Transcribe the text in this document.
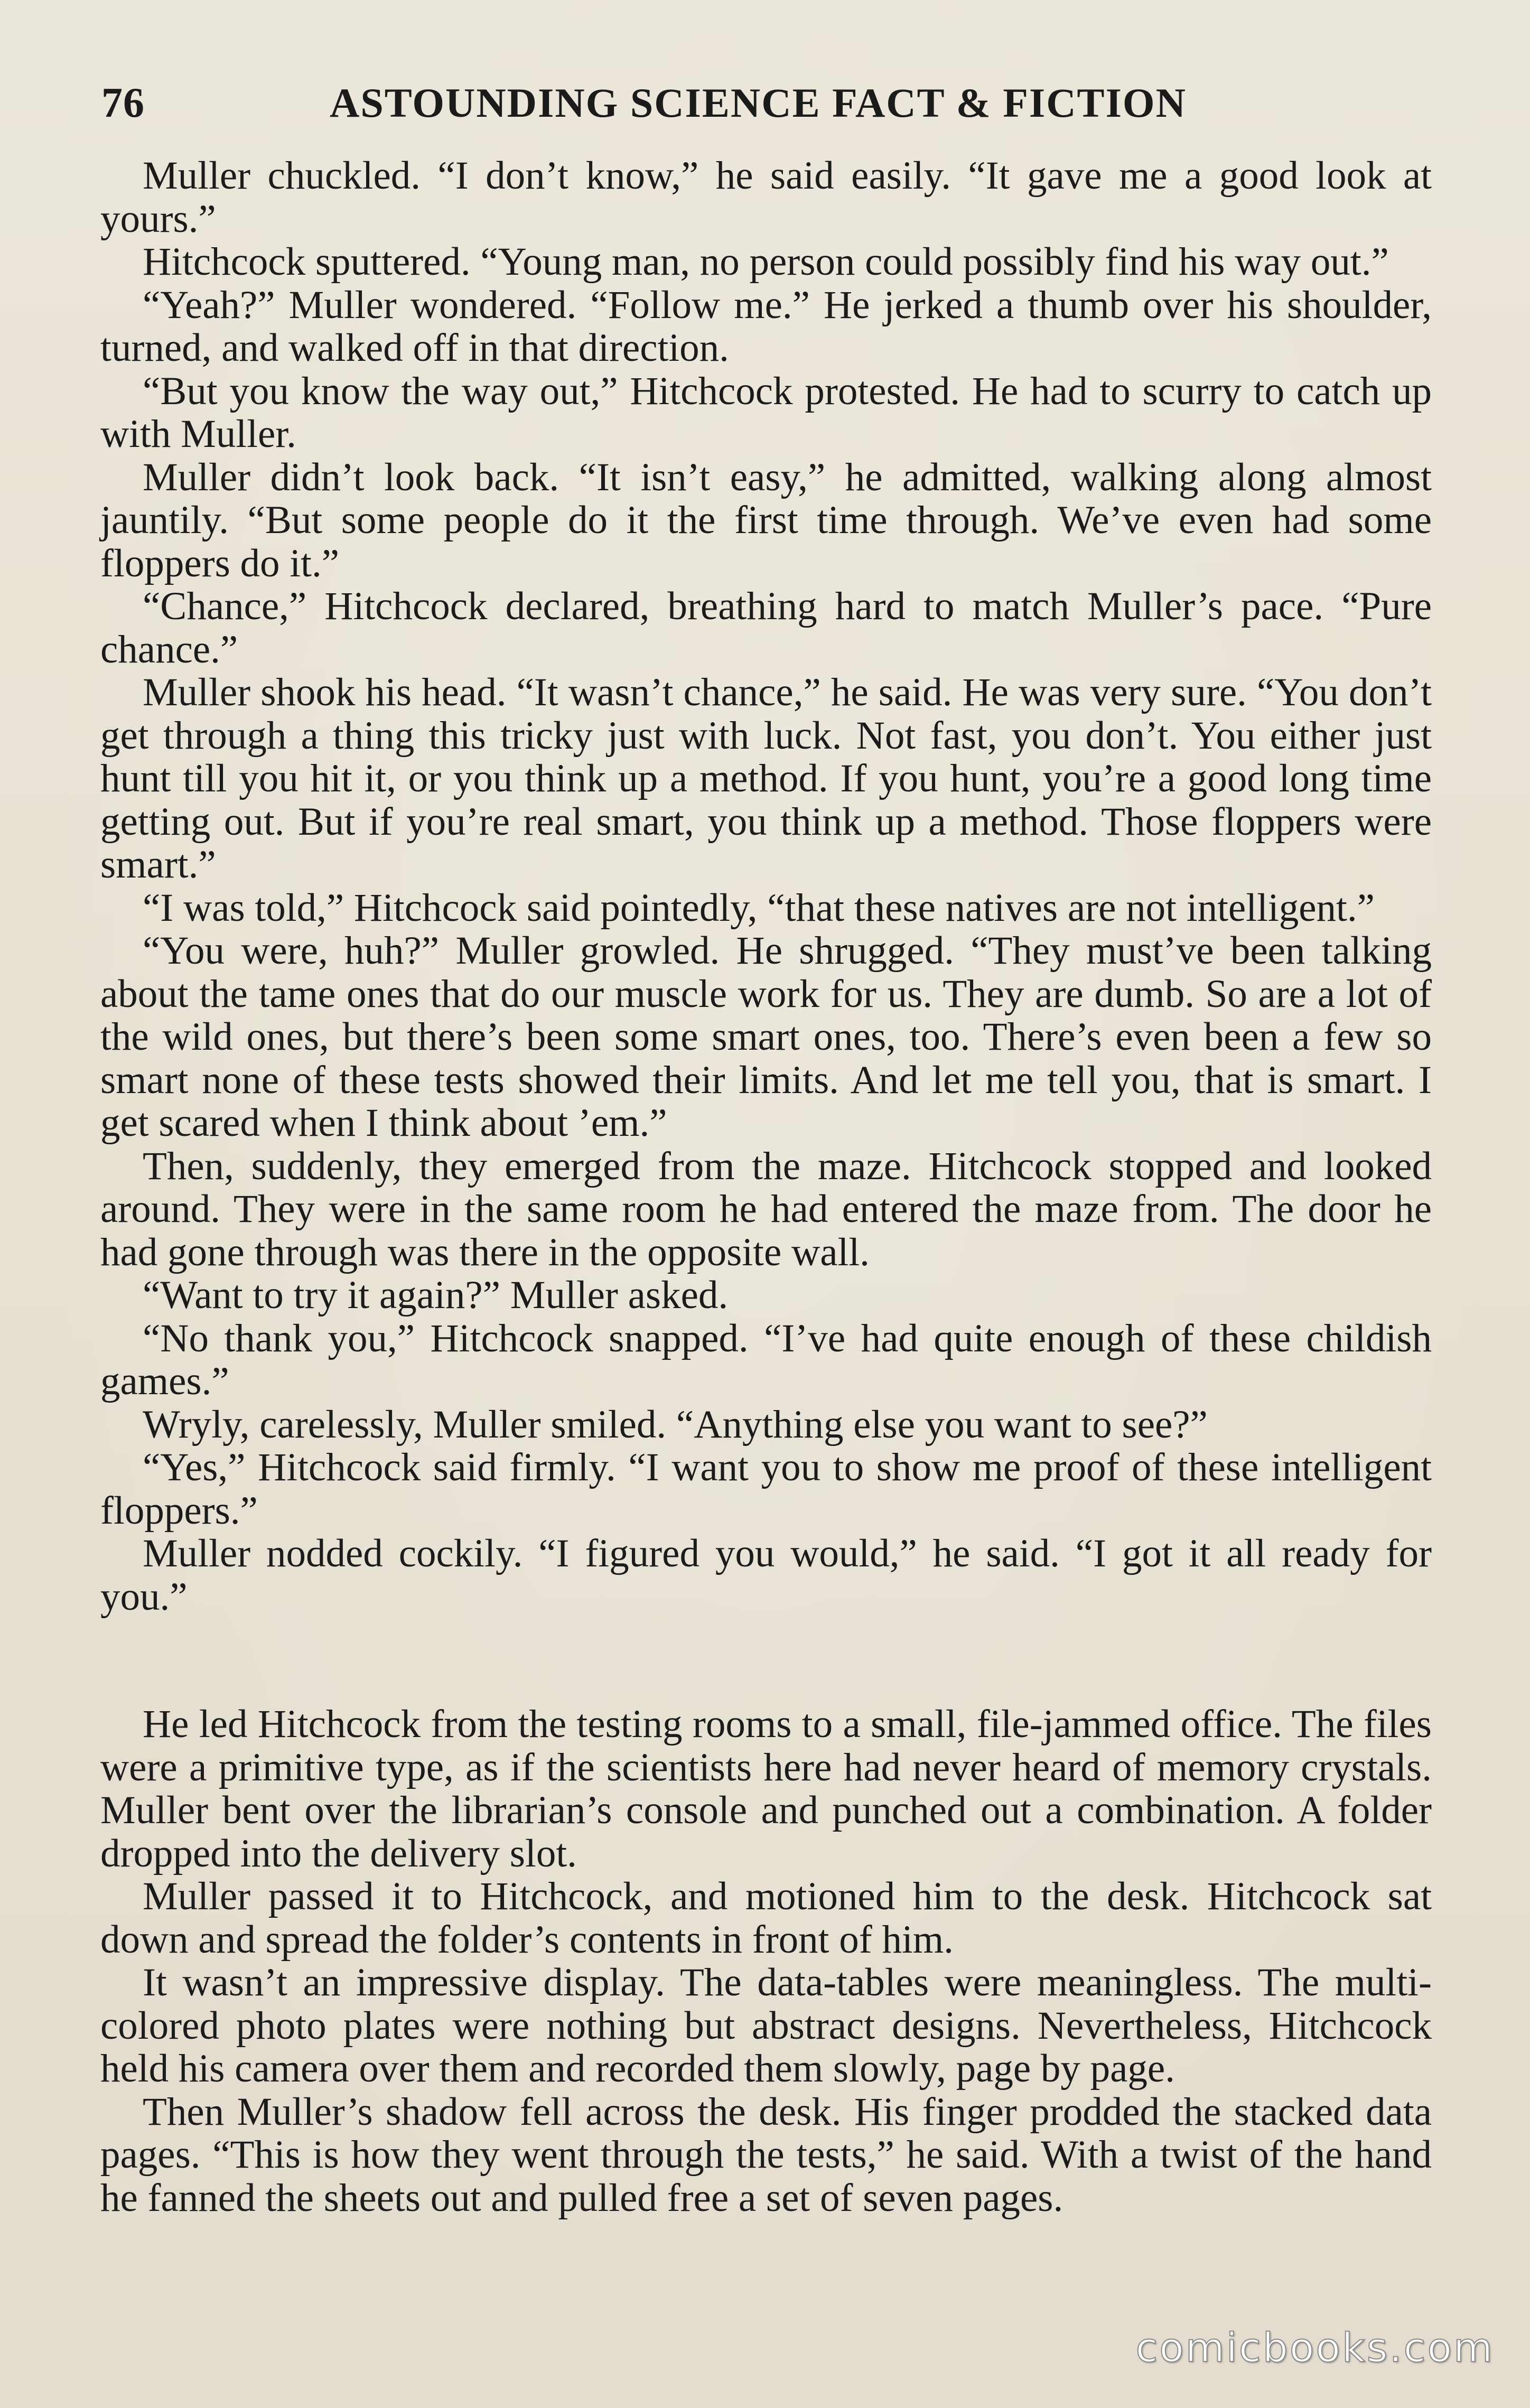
76	ASTOUNDING SCIENCE FACT & FICTION

Muller chuckled. “I don’t know,” he said easily. “It gave me a good look at yours.”

Hitchcock sputtered. “Young man, no person could possibly find his way out.”

“Yeah?” Muller wondered. “Follow me.” He jerked a thumb over his shoulder, turned, and walked off in that direction.

“But you know the way out,” Hitchcock protested. He had to scurry to catch up with Muller.

Muller didn’t look back. “It isn’t easy,” he admitted, walking along almost jauntily. “But some people do it the first time through. We’ve even had some floppers do it.”

“Chance,” Hitchcock declared, breathing hard to match Muller’s pace. “Pure chance.”

Muller shook his head. “It wasn’t chance,” he said. He was very sure. “You don’t get through a thing this tricky just with luck. Not fast, you don’t. You either just hunt till you hit it, or you think up a method. If you hunt, you’re a good long time getting out. But if you’re real smart, you think up a method. Those floppers were smart.”

“I was told,” Hitchcock said pointedly, “that these natives are not intelligent.”

“You were, huh?” Muller growled. He shrugged. “They must’ve been talking about the tame ones that do our muscle work for us. They are dumb. So are a lot of the wild ones, but there’s been some smart ones, too. There’s even been a few so smart none of these tests showed their limits. And let me tell you, that is smart. I get scared when I think about ’em.”

Then, suddenly, they emerged from the maze. Hitchcock stopped and looked around. They were in the same room he had entered the maze from. The door he had gone through was there in the opposite wall.

“Want to try it again?” Muller asked.

“No thank you,” Hitchcock snapped. “I’ve had quite enough of these childish games.”

Wryly, carelessly, Muller smiled. “Anything else you want to see?”

“Yes,” Hitchcock said firmly. “I want you to show me proof of these intelligent floppers.”

Muller nodded cockily. “I figured you would,” he said. “I got it all ready for you.”

He led Hitchcock from the testing rooms to a small, file-jammed office. The files were a primitive type, as if the scientists here had never heard of memory crystals. Muller bent over the librarian’s console and punched out a combination. A folder dropped into the delivery slot.

Muller passed it to Hitchcock, and motioned him to the desk. Hitchcock sat down and spread the folder’s contents in front of him.

It wasn’t an impressive display. The data-tables were meaningless. The multi-colored photo plates were nothing but abstract designs. Nevertheless, Hitchcock held his camera over them and recorded them slowly, page by page.

Then Muller’s shadow fell across the desk. His finger prodded the stacked data pages. “This is how they went through the tests,” he said. With a twist of the hand he fanned the sheets out and pulled free a set of seven pages.

comicbooks.com
